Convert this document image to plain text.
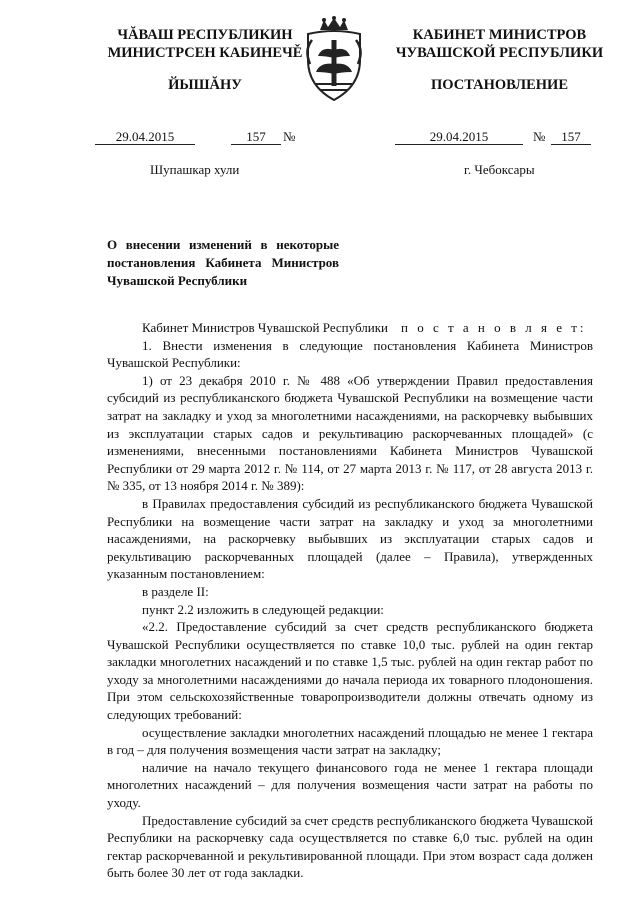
ЧĂВАШ РЕСПУБЛИКИН
МИНИСТРСЕН КАБИНЕЧĚ
ЙЫШĂНУ
КАБИНЕТ МИНИСТРОВ
ЧУВАШСКОЙ РЕСПУБЛИКИ
ПОСТАНОВЛЕНИЕ
29.04.2015	157	№	29.04.2015	№	157
Шупашкар хули	г. Чебоксары
О внесении изменений в некоторые постановления Кабинета Министров Чувашской Республики

Кабинет Министров Чувашской Республики п о с т а н о в л я е т:

1. Внести изменения в следующие постановления Кабинета Министров Чувашской Республики:

1) от 23 декабря 2010 г. № 488 «Об утверждении Правил предоставления субсидий из республиканского бюджета Чувашской Республики на возмещение части затрат на закладку и уход за многолетними насаждениями, на раскорчевку выбывших из эксплуатации старых садов и рекультивацию раскорчеванных площадей» (с изменениями, внесенными постановлениями Кабинета Министров Чувашской Республики от 29 марта 2012 г. № 114, от 27 марта 2013 г. № 117, от 28 августа 2013 г. № 335, от 13 ноября 2014 г. № 389):

в Правилах предоставления субсидий из республиканского бюджета Чувашской Республики на возмещение части затрат на закладку и уход за многолетними насаждениями, на раскорчевку выбывших из эксплуатации старых садов и рекультивацию раскорчеванных площадей (далее – Правила), утвержденных указанным постановлением:

в разделе II:

пункт 2.2 изложить в следующей редакции:

«2.2. Предоставление субсидий за счет средств республиканского бюджета Чувашской Республики осуществляется по ставке 10,0 тыс. рублей на один гектар закладки многолетних насаждений и по ставке 1,5 тыс. рублей на один гектар работ по уходу за многолетними насаждениями до начала периода их товарного плодоношения. При этом сельскохозяйственные товаропроизводители должны отвечать одному из следующих требований:

осуществление закладки многолетних насаждений площадью не менее 1 гектара в год – для получения возмещения части затрат на закладку;

наличие на начало текущего финансового года не менее 1 гектара площади многолетних насаждений – для получения возмещения части затрат на работы по уходу.

Предоставление субсидий за счет средств республиканского бюджета Чувашской Республики на раскорчевку сада осуществляется по ставке 6,0 тыс. рублей на один гектар раскорчеванной и рекультивированной площади. При этом возраст сада должен быть более 30 лет от года закладки.
